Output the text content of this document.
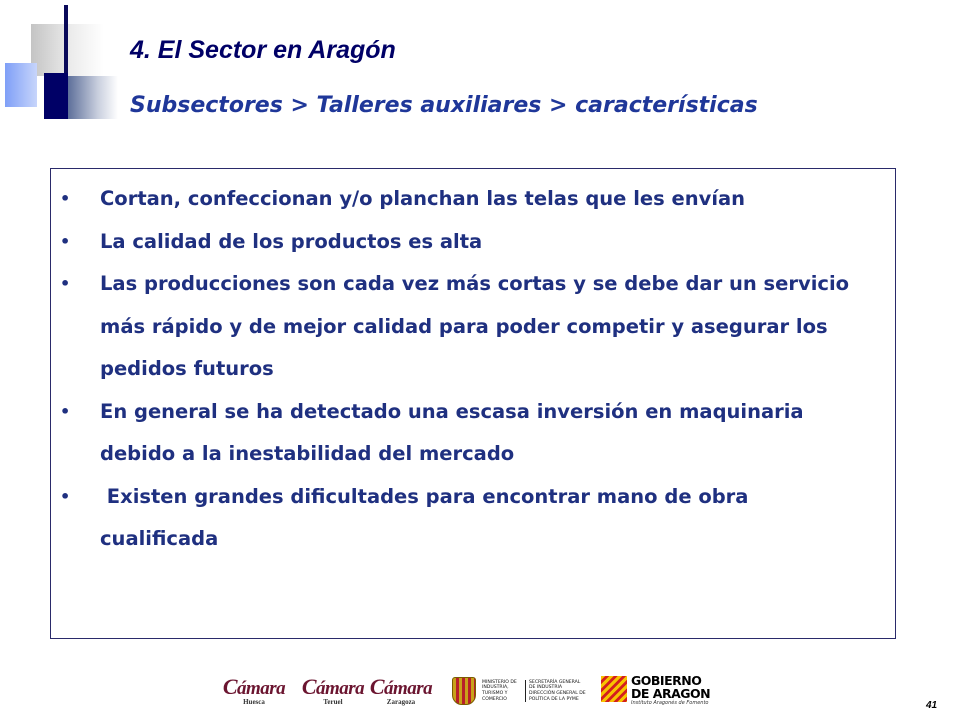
4. El Sector en Aragón
Subsectores > Talleres auxiliares > características
• Cortan, confeccionan y/o planchan las telas que les envían
• La calidad de los productos es alta
• Las producciones son cada vez más cortas y se debe dar un servicio más rápido y de mejor calidad para poder competir y asegurar los pedidos futuros
• En general se ha detectado una escasa inversión en maquinaria debido a la inestabilidad del mercado
• Existen grandes dificultades para encontrar mano de obra cualificada
Cámara
Huesca
Cámara
Teruel
Cámara
Zaragoza
MINISTERIO DE INDUSTRIA, TURISMO Y COMERCIO
SECRETARÍA GENERAL DE INDUSTRIA DIRECCIÓN GENERAL DE POLÍTICA DE LA PYME
GOBIERNO
DE ARAGON
Instituto Aragonés de Fomento	41
